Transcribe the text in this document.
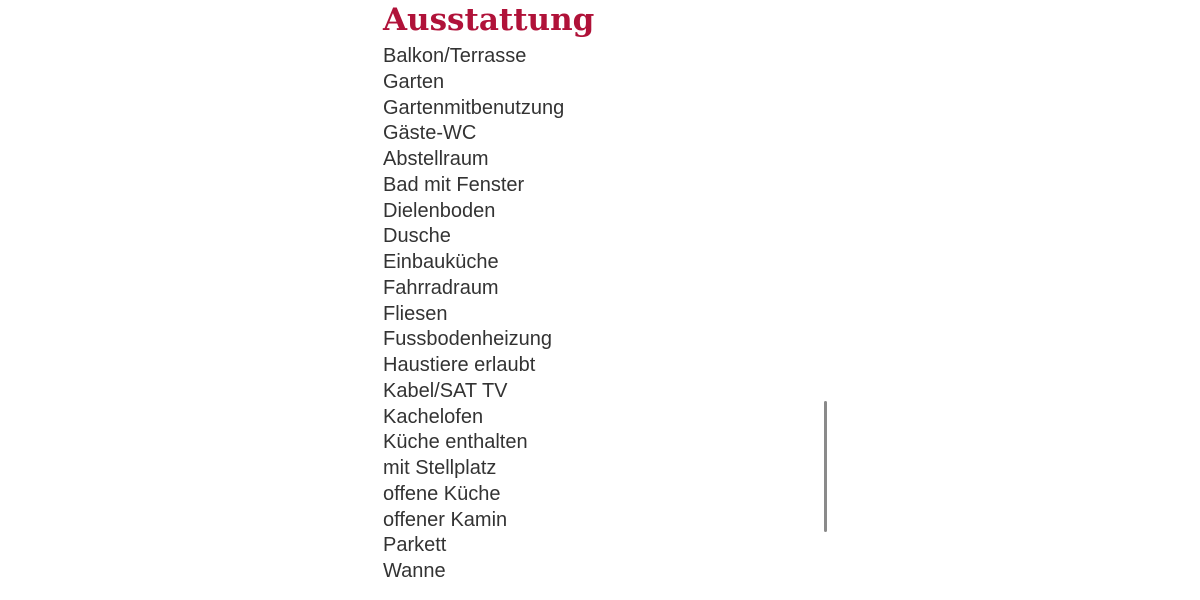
Ausstattung
Balkon/Terrasse
Garten
Gartenmitbenutzung
Gäste-WC
Abstellraum
Bad mit Fenster
Dielenboden
Dusche
Einbauküche
Fahrradraum
Fliesen
Fussbodenheizung
Haustiere erlaubt
Kabel/SAT TV
Kachelofen
Küche enthalten
mit Stellplatz
offene Küche
offener Kamin
Parkett
Wanne
